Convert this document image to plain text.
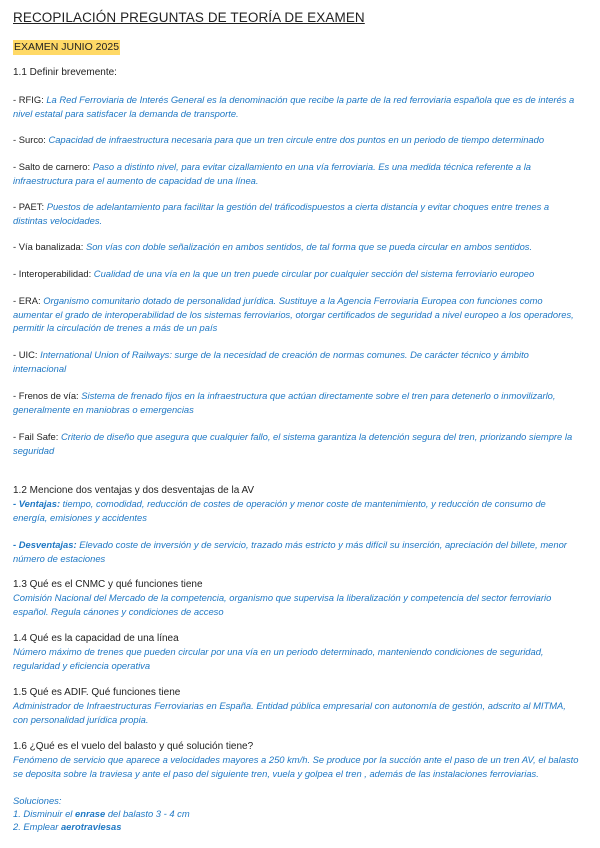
RECOPILACIÓN PREGUNTAS DE TEORÍA DE EXAMEN
EXAMEN JUNIO 2025
1.1 Definir brevemente:
- RFIG: La Red Ferroviaria de Interés General es la denominación que recibe la parte de la red ferroviaria española que es de interés a nivel estatal para satisfacer la demanda de transporte.
- Surco: Capacidad de infraestructura necesaria para que un tren circule entre dos puntos en un periodo de tiempo determinado
- Salto de carnero: Paso a distinto nivel, para evitar cizallamiento en una vía ferroviaria. Es una medida técnica referente a la infraestructura para el aumento de capacidad de una línea.
- PAET: Puestos de adelantamiento para facilitar la gestión del tráficodispuestos a cierta distancia y evitar choques entre trenes a distintas velocidades.
- Vía banalizada: Son vías con doble señalización en ambos sentidos, de tal forma que se pueda circular en ambos sentidos.
- Interoperabilidad: Cualidad de una vía en la que un tren puede circular por cualquier sección del sistema ferroviario europeo
- ERA: Organismo comunitario dotado de personalidad jurídica. Sustituye a la Agencia Ferroviaria Europea con funciones como aumentar el grado de interoperabilidad de los sistemas ferroviarios, otorgar certificados de seguridad a nivel europeo a los operadores, permitir la circulación de trenes a más de un país
- UIC: International Union of Railways: surge de la necesidad de creación de normas comunes. De carácter técnico y ámbito internacional
- Frenos de vía: Sistema de frenado fijos en la infraestructura que actúan directamente sobre el tren para detenerlo o inmovilizarlo, generalmente en maniobras o emergencias
- Fail Safe: Criterio de diseño que asegura que cualquier fallo, el sistema garantiza la detención segura del tren, priorizando siempre la seguridad
1.2 Mencione dos ventajas y dos desventajas de la AV
- Ventajas: tiempo, comodidad, reducción de costes de operación y menor coste de mantenimiento, y reducción de consumo de energía, emisiones y accidentes
- Desventajas: Elevado coste de inversión y de servicio, trazado más estricto y más difícil su inserción, apreciación del billete, menor número de estaciones
1.3 Qué es el CNMC y qué funciones tiene
Comisión Nacional del Mercado de la competencia, organismo que supervisa la liberalización y competencia del sector ferroviario español. Regula cánones y condiciones de acceso
1.4 Qué es la capacidad de una línea
Número máximo de trenes que pueden circular por una vía en un periodo determinado, manteniendo condiciones de seguridad, regularidad y eficiencia operativa
1.5 Qué es ADIF. Qué funciones tiene
Administrador de Infraestructuras Ferroviarias en España. Entidad pública empresarial con autonomía de gestión, adscrito al MITMA, con personalidad jurídica propia.
1.6 ¿Qué es el vuelo del balasto y qué solución tiene?
Fenómeno de servicio que aparece a velocidades mayores a 250 km/h. Se produce por la succión ante el paso de un tren AV, el balasto se deposita sobre la traviesa y ante el paso del siguiente tren, vuela y golpea el tren , además de las instalaciones ferroviarias.
Soluciones:
1. Disminuir el enrase del balasto 3 - 4 cm
2. Emplear aerotraviesas
